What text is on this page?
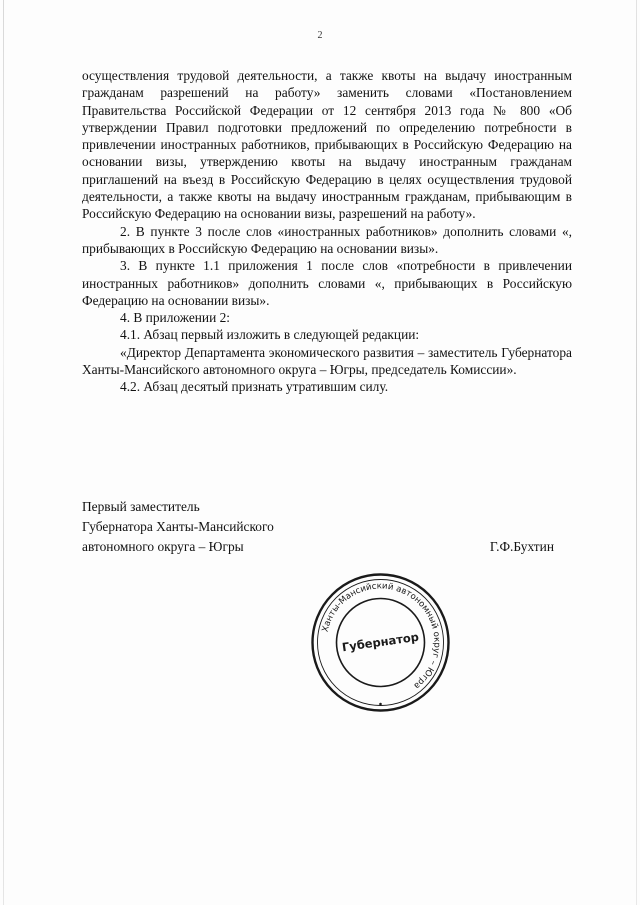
2

осуществления трудовой деятельности, а также квоты на выдачу иностранным гражданам разрешений на работу» заменить словами «Постановлением Правительства Российской Федерации от 12 сентября 2013 года № 800 «Об утверждении Правил подготовки предложений по определению потребности в привлечении иностранных работников, прибывающих в Российскую Федерацию на основании визы, утверждению квоты на выдачу иностранным гражданам приглашений на въезд в Российскую Федерацию в целях осуществления трудовой деятельности, а также квоты на выдачу иностранным гражданам, прибывающим в Российскую Федерацию на основании визы, разрешений на работу».

2. В пункте 3 после слов «иностранных работников» дополнить словами «, прибывающих в Российскую Федерацию на основании визы».

3. В пункте 1.1 приложения 1 после слов «потребности в привлечении иностранных работников» дополнить словами «, прибывающих в Российскую Федерацию на основании визы».

4. В приложении 2:

4.1. Абзац первый изложить в следующей редакции:

«Директор Департамента экономического развития – заместитель Губернатора Ханты-Мансийского автономного округа – Югры, председатель Комиссии».

4.2. Абзац десятый признать утратившим силу.

Первый заместитель
Губернатора Ханты-Мансийского
автономного округа – Югры	Г.Ф.Бухтин
Ханты-Мансийский автономный округ – Югра
Губернатор
